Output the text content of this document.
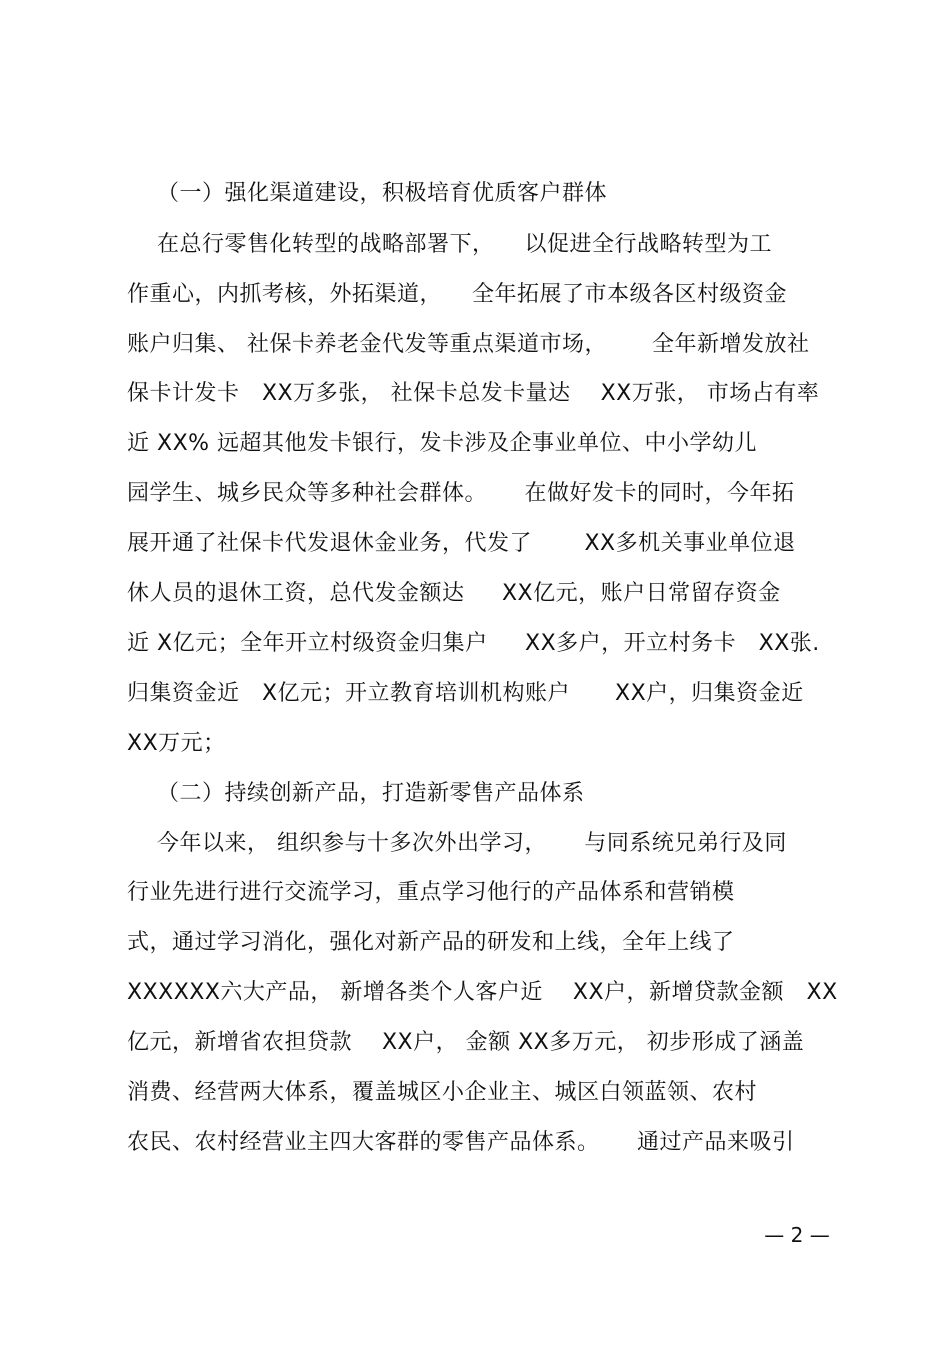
（一）强化渠道建设，积极培育优质客户群体
在总行零售化转型的战略部署下，    以促进全行战略转型为工
作重心，内抓考核，外拓渠道，    全年拓展了市本级各区村级资金
账户归集、 社保卡养老金代发等重点渠道市场，      全年新增发放社
保卡计发卡   XX万多张， 社保卡总发卡量达    XX万张， 市场占有率
近 XX% 远超其他发卡银行，发卡涉及企事业单位、中小学幼儿
园学生、城乡民众等多种社会群体。     在做好发卡的同时，今年拓
展开通了社保卡代发退休金业务，代发了       XX多机关事业单位退
休人员的退休工资，总代发金额达     XX亿元，账户日常留存资金
近 X亿元；全年开立村级资金归集户     XX多户，开立村务卡   XX张.
归集资金近   X亿元；开立教育培训机构账户      XX户，归集资金近
XX万元；
（二）持续创新产品，打造新零售产品体系
今年以来， 组织参与十多次外出学习，     与同系统兄弟行及同
行业先进行进行交流学习，重点学习他行的产品体系和营销模
式，通过学习消化，强化对新产品的研发和上线，全年上线了
XXXXXX六大产品， 新增各类个人客户近    XX户，新增贷款金额   XX
亿元，新增省农担贷款    XX户， 金额 XX多万元， 初步形成了涵盖
消费、经营两大体系，覆盖城区小企业主、城区白领蓝领、农村
农民、农村经营业主四大客群的零售产品体系。     通过产品来吸引
— 2 —
